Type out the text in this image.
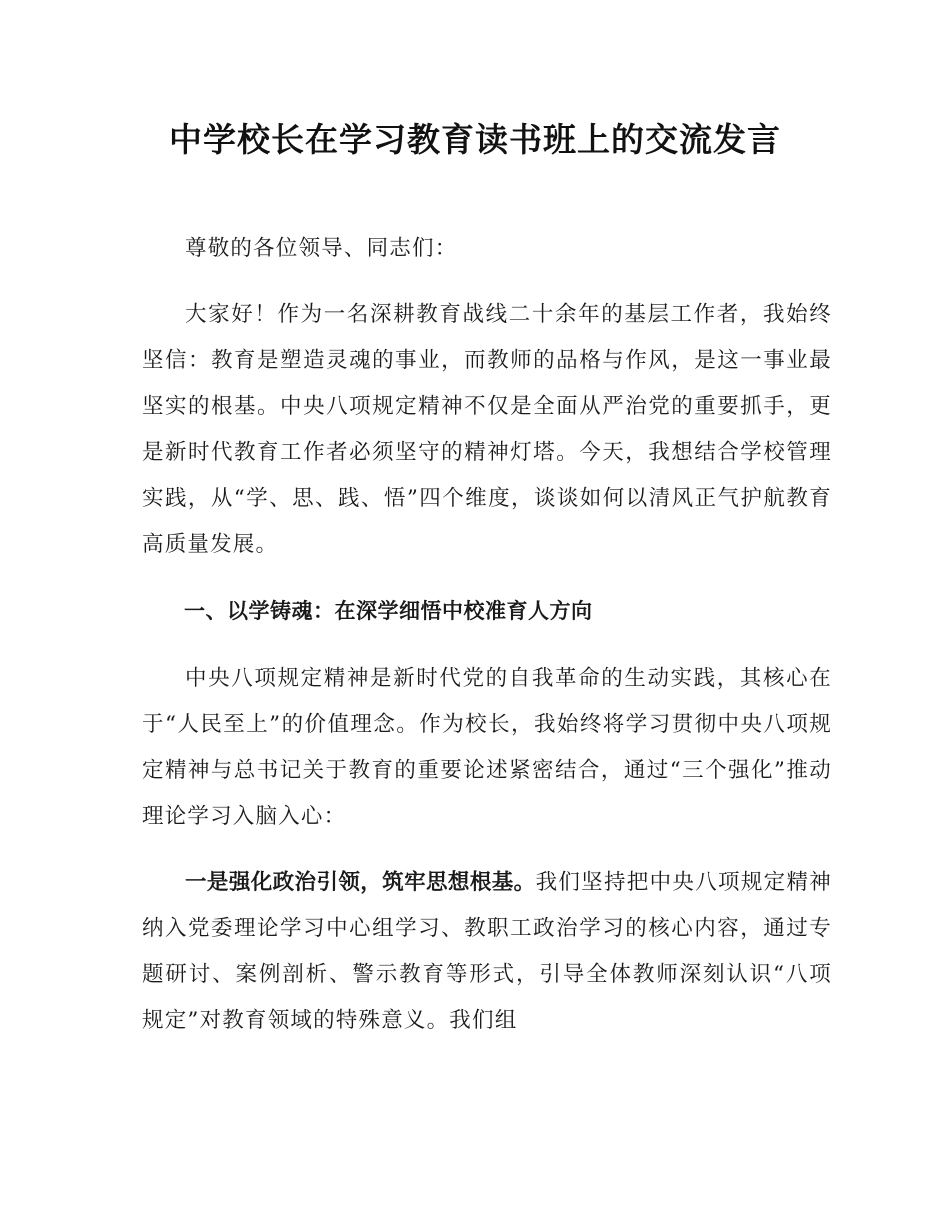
中学校长在学习教育读书班上的交流发言

尊敬的各位领导、同志们：

大家好！作为一名深耕教育战线二十余年的基层工作者，我始终坚信：教育是塑造灵魂的事业，而教师的品格与作风，是这一事业最坚实的根基。中央八项规定精神不仅是全面从严治党的重要抓手，更是新时代教育工作者必须坚守的精神灯塔。今天，我想结合学校管理实践，从“学、思、践、悟”四个维度，谈谈如何以清风正气护航教育高质量发展。

一、以学铸魂：在深学细悟中校准育人方向

中央八项规定精神是新时代党的自我革命的生动实践，其核心在于“人民至上”的价值理念。作为校长，我始终将学习贯彻中央八项规定精神与总书记关于教育的重要论述紧密结合，通过“三个强化”推动理论学习入脑入心：

一是强化政治引领，筑牢思想根基。我们坚持把中央八项规定精神纳入党委理论学习中心组学习、教职工政治学习的核心内容，通过专题研讨、案例剖析、警示教育等形式，引导全体教师深刻认识“八项规定”对教育领域的特殊意义。我们组
